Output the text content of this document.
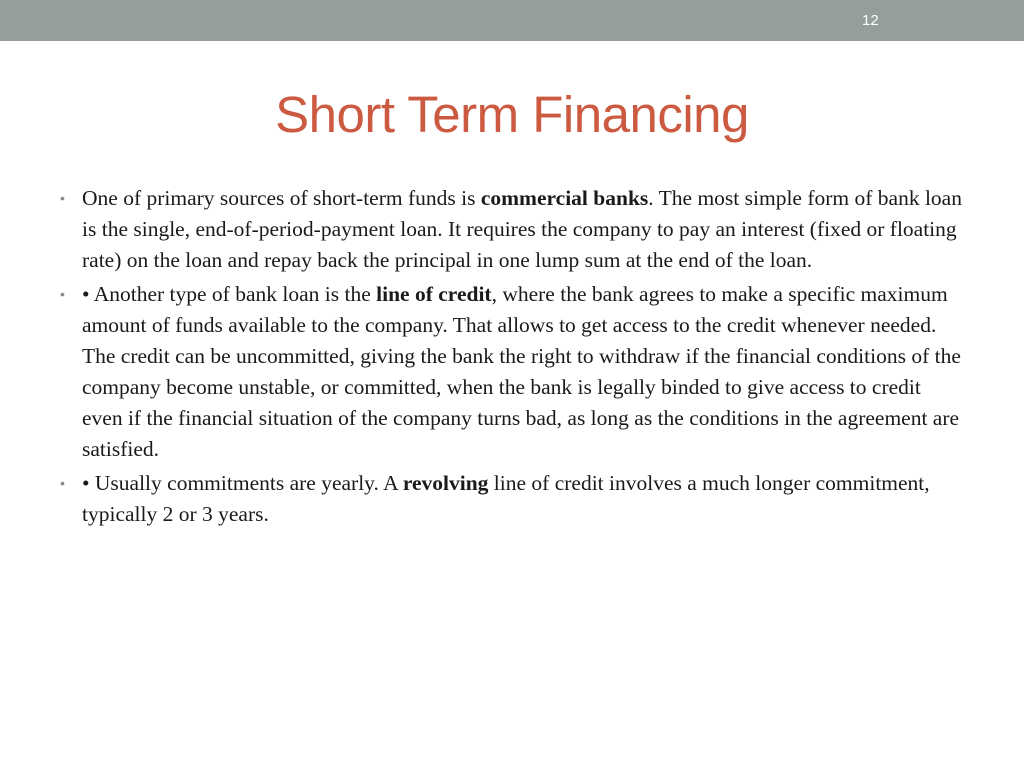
12
Short Term Financing
• One of primary sources of short-term funds is commercial banks. The most simple form of bank loan is the single, end-of-period-payment loan. It requires the company to pay an interest (fixed or floating rate) on the loan and repay back the principal in one lump sum at the end of the loan.
• • Another type of bank loan is the line of credit, where the bank agrees to make a specific maximum amount of funds available to the company. That allows to get access to the credit whenever needed. The credit can be uncommitted, giving the bank the right to withdraw if the financial conditions of the company become unstable, or committed, when the bank is legally binded to give access to credit even if the financial situation of the company turns bad, as long as the conditions in the agreement are satisfied.
• • Usually commitments are yearly. A revolving line of credit involves a much longer commitment, typically 2 or 3 years.
